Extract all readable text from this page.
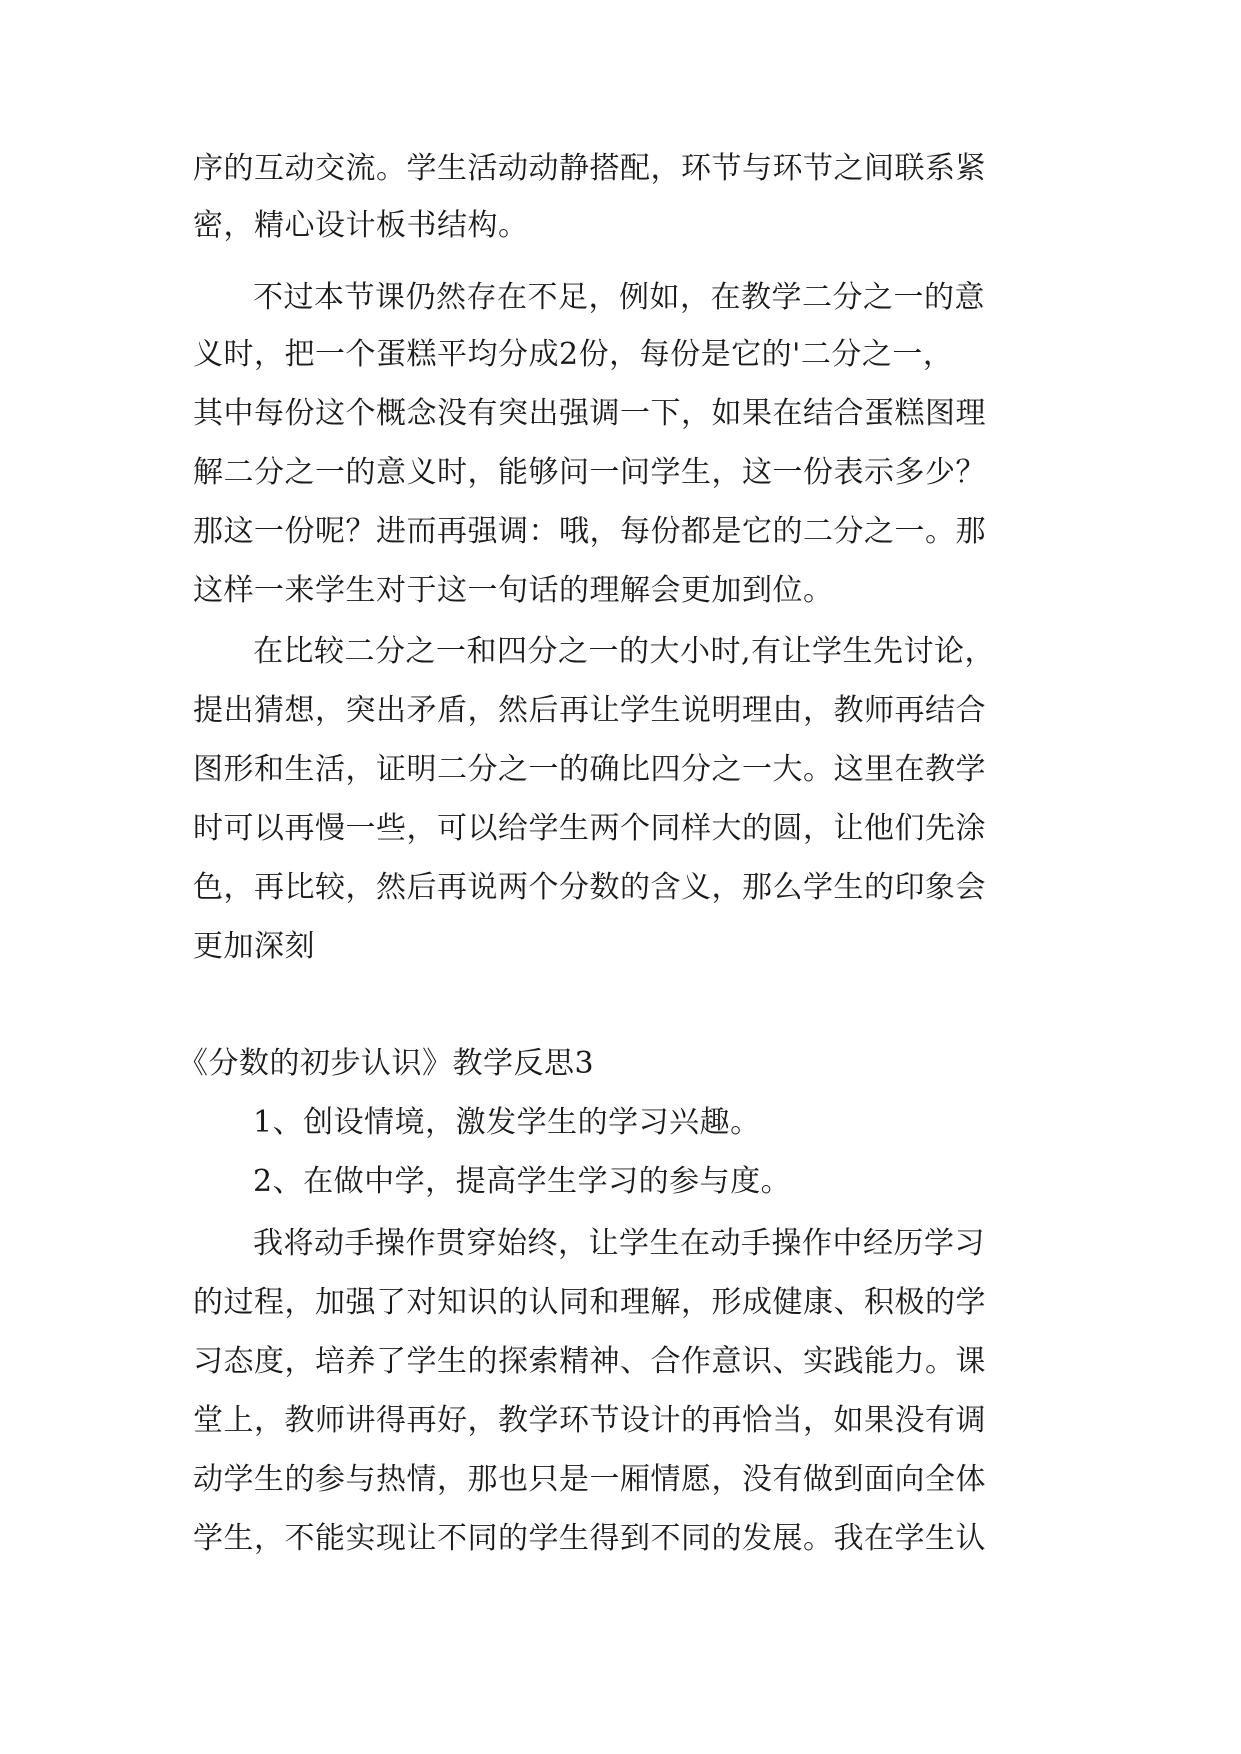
序的互动交流。学生活动动静搭配，环节与环节之间联系紧
密，精心设计板书结构。
不过本节课仍然存在不足，例如，在教学二分之一的意
义时，把一个蛋糕平均分成2份，每份是它的'二分之一，
其中每份这个概念没有突出强调一下，如果在结合蛋糕图理
解二分之一的意义时，能够问一问学生，这一份表示多少？
那这一份呢？进而再强调：哦，每份都是它的二分之一。那
这样一来学生对于这一句话的理解会更加到位。
在比较二分之一和四分之一的大小时,有让学生先讨论，
提出猜想，突出矛盾，然后再让学生说明理由，教师再结合
图形和生活，证明二分之一的确比四分之一大。这里在教学
时可以再慢一些，可以给学生两个同样大的圆，让他们先涂
色，再比较，然后再说两个分数的含义，那么学生的印象会
更加深刻
《分数的初步认识》教学反思3
1、创设情境，激发学生的学习兴趣。
2、在做中学，提高学生学习的参与度。
我将动手操作贯穿始终，让学生在动手操作中经历学习
的过程，加强了对知识的认同和理解，形成健康、积极的学
习态度，培养了学生的探索精神、合作意识、实践能力。课
堂上，教师讲得再好，教学环节设计的再恰当，如果没有调
动学生的参与热情，那也只是一厢情愿，没有做到面向全体
学生，不能实现让不同的学生得到不同的发展。我在学生认
